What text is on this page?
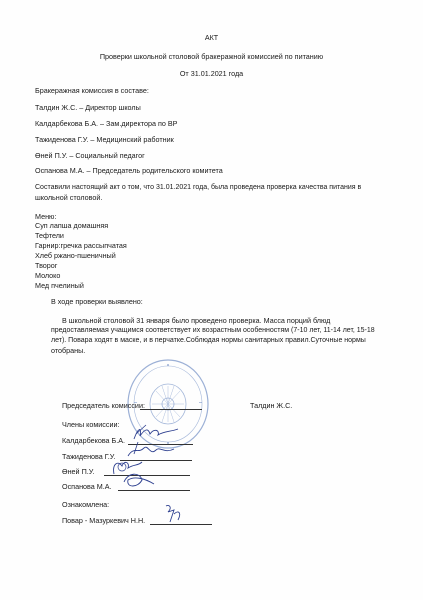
АКТ
Проверки школьной столовой бракеражной комиссией по питанию
От 31.01.2021 года
Бракеражная комиссия в составе:
Талдин Ж.С. – Директор школы
Калдарбекова Б.А. – Зам.директора по ВР
Тажиденова Г.У. – Медицинский работник
Өней П.У. – Социальный педагог
Оспанова М.А. – Председатель родительского комитета
Составили настоящий акт о том, что 31.01.2021 года, была проведена проверка качества питания в
школьной столовой.
Меню:
Суп лапша домашняя
Тефтели
Гарнир:гречка рассыпчатая
Хлеб ржано-пшеничный
Творог
Молоко
Мед пчелиный
В ходе проверки выявлено:
В школьной столовой 31 января было проведено проверка. Масса порций блюд
предоставляемая учащимся соответствует их возрастным особенностям (7-10 лет, 11-14 лет, 15-18
лет). Повара ходят в маске, и в перчатке.Соблюдая нормы санитарных правил.Суточные нормы
отобраны.
Председатель комиссии:	Талдин Ж.С.
Члены комиссии:
Калдарбекова Б.А.
Тажиденова Г.У.
Өней П.У.
Оспанова М.А.
Ознакомлена:
Повар - Мазуркевич Н.Н.
